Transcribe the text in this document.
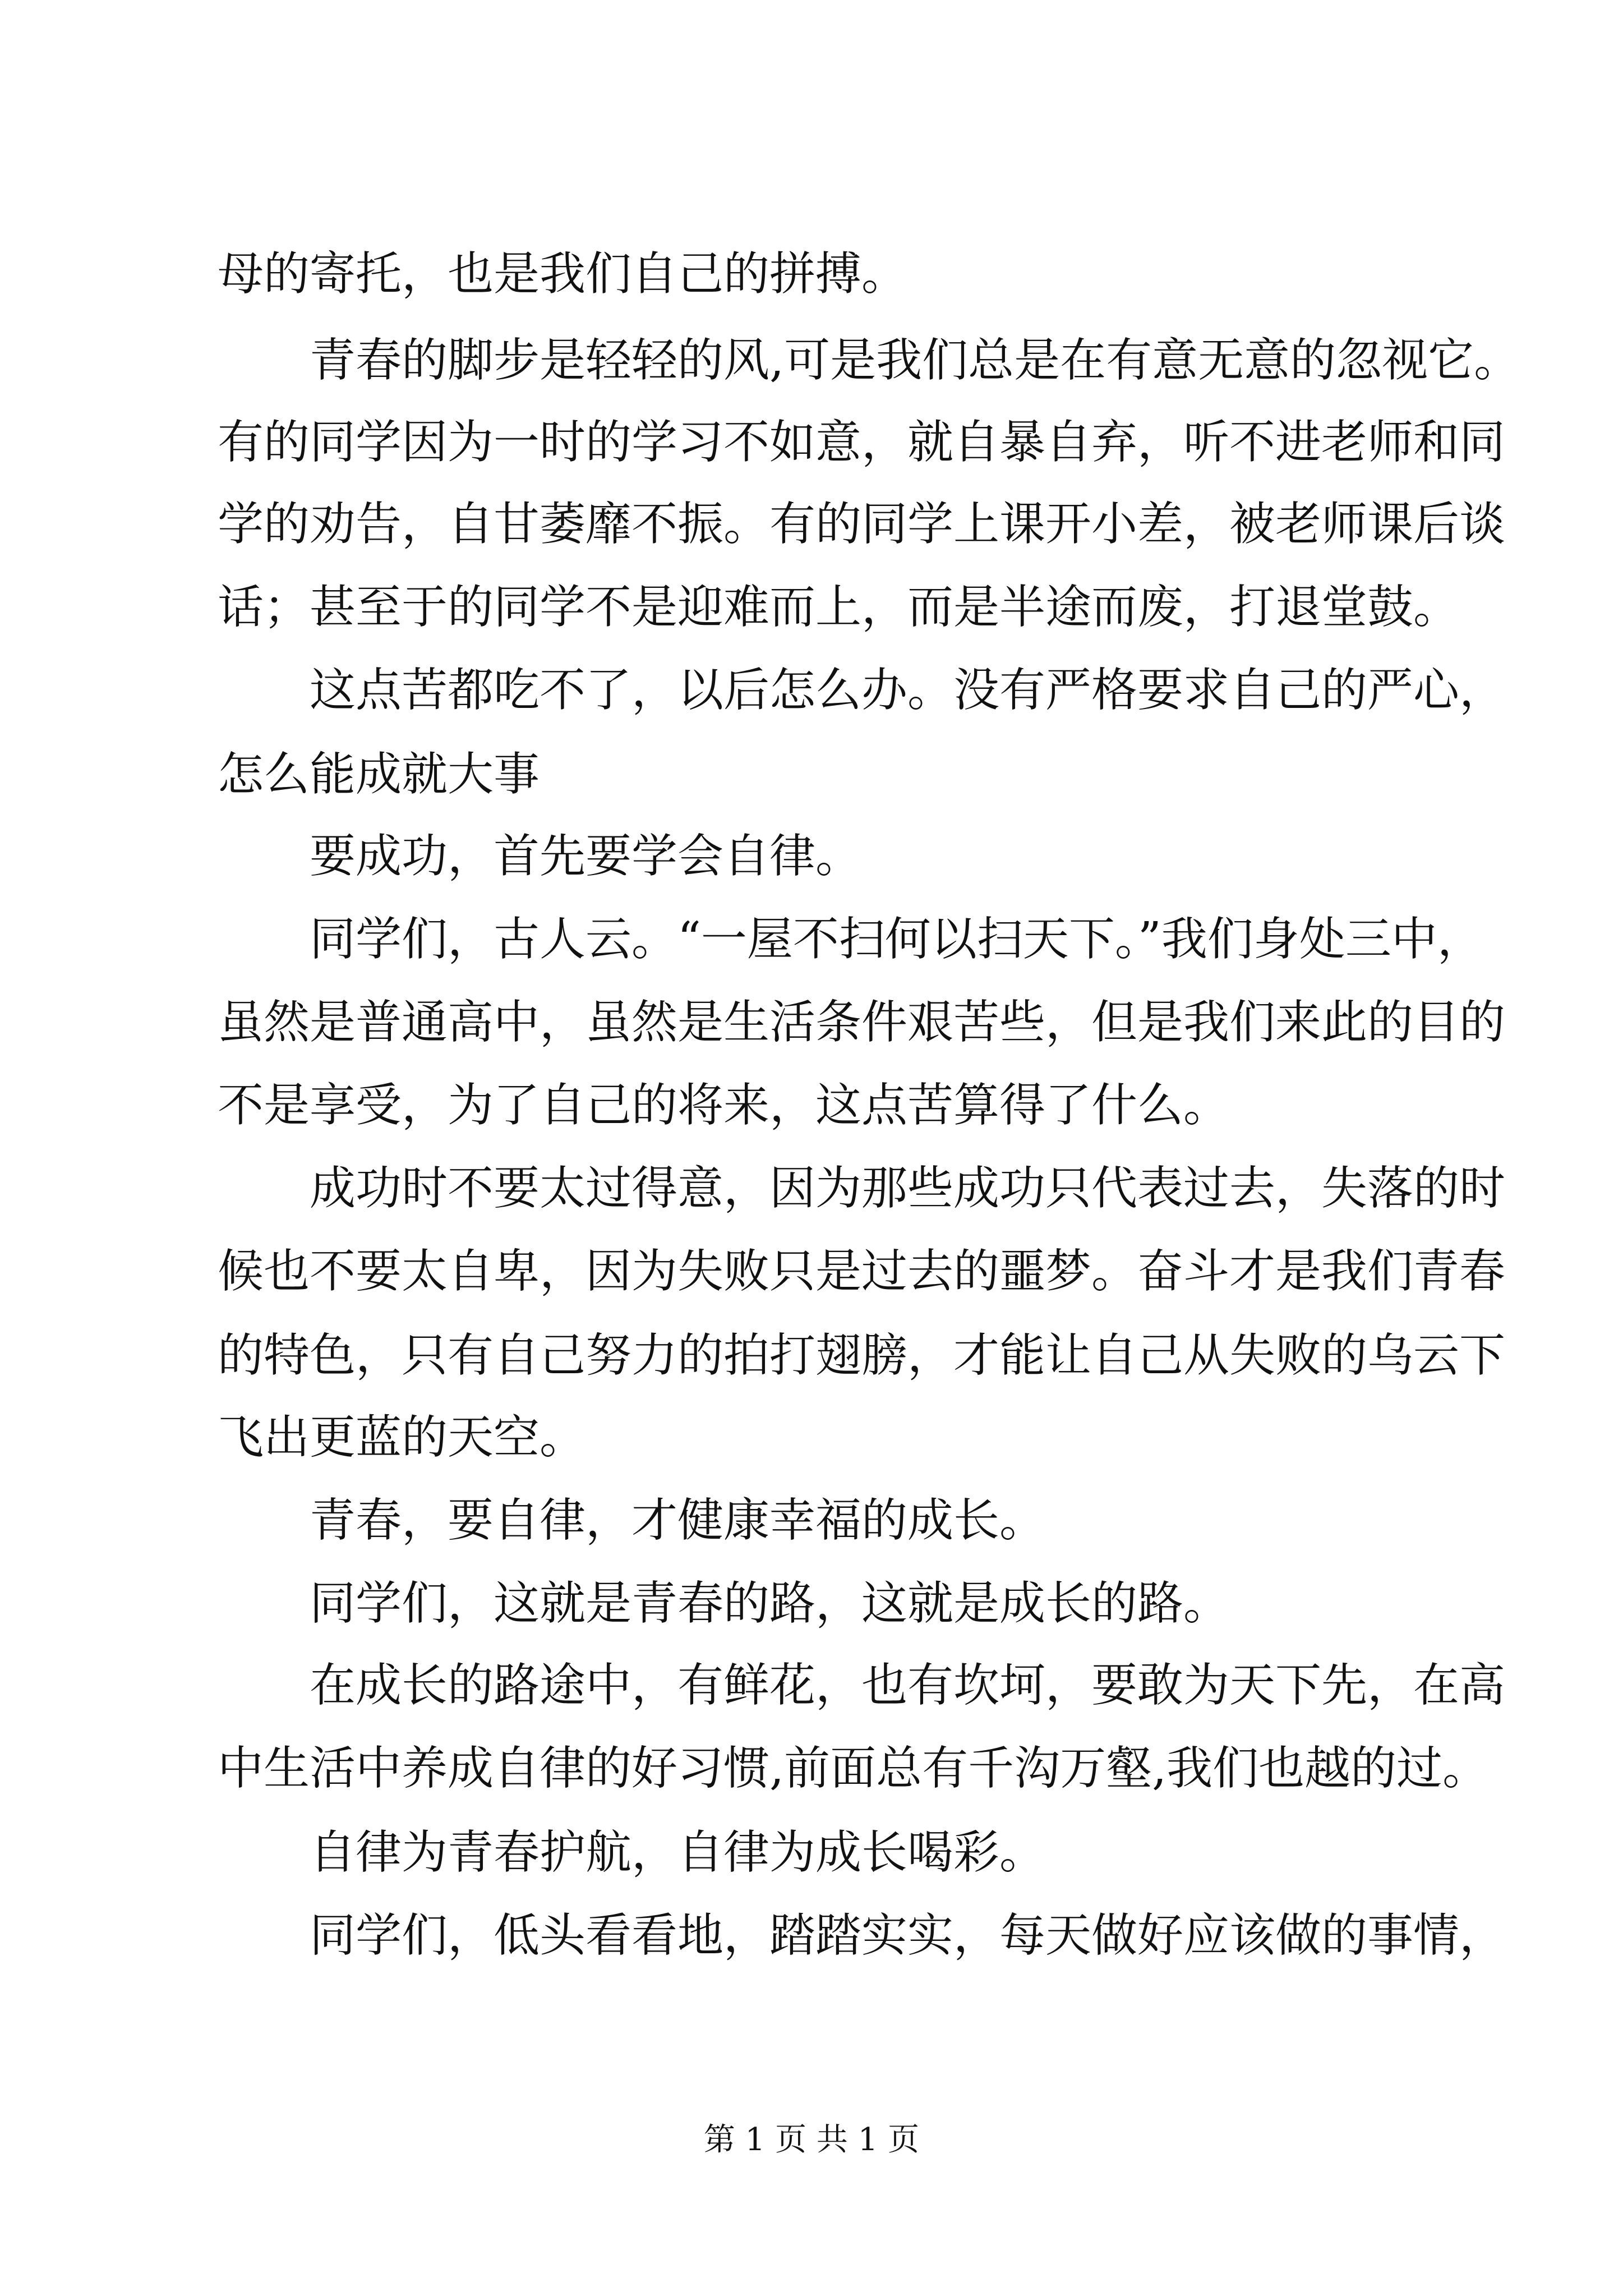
母的寄托，也是我们自己的拼搏。
　　青春的脚步是轻轻的风,可是我们总是在有意无意的忽视它。
有的同学因为一时的学习不如意，就自暴自弃，听不进老师和同
学的劝告，自甘萎靡不振。有的同学上课开小差，被老师课后谈
话；甚至于的同学不是迎难而上，而是半途而废，打退堂鼓。
　　这点苦都吃不了，以后怎么办。没有严格要求自己的严心，
怎么能成就大事
　　要成功，首先要学会自律。
　　同学们，古人云。“一屋不扫何以扫天下。”我们身处三中，
虽然是普通高中，虽然是生活条件艰苦些，但是我们来此的目的
不是享受，为了自己的将来，这点苦算得了什么。
　　成功时不要太过得意，因为那些成功只代表过去，失落的时
候也不要太自卑，因为失败只是过去的噩梦。奋斗才是我们青春
的特色，只有自己努力的拍打翅膀，才能让自己从失败的乌云下
飞出更蓝的天空。
　　青春，要自律，才健康幸福的成长。
　　同学们，这就是青春的路，这就是成长的路。
　　在成长的路途中，有鲜花，也有坎坷，要敢为天下先，在高
中生活中养成自律的好习惯,前面总有千沟万壑,我们也越的过。
　　自律为青春护航，自律为成长喝彩。
　　同学们，低头看看地，踏踏实实，每天做好应该做的事情，
第 1 页 共 1 页
